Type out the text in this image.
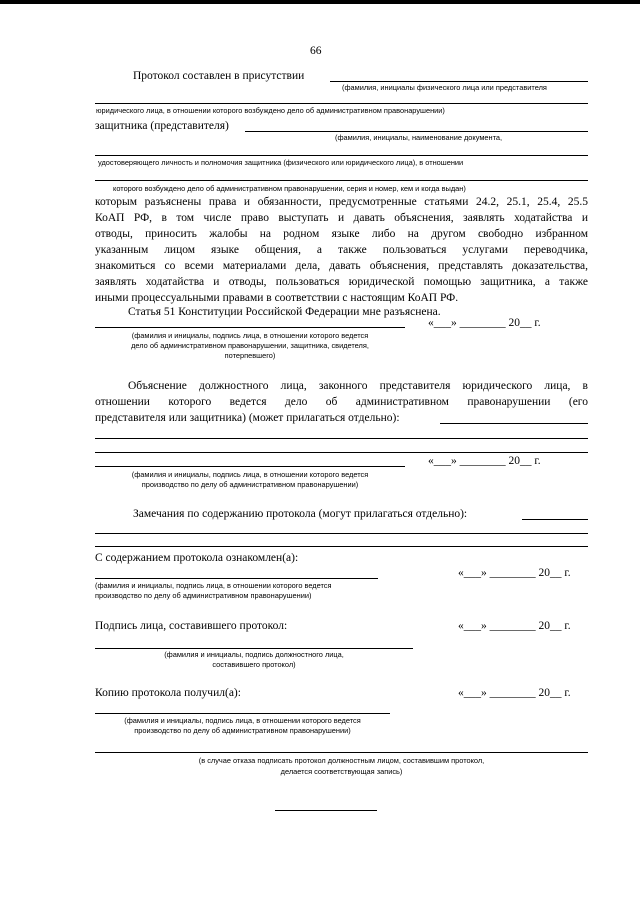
66
Протокол составлен в присутствии
(фамилия, инициалы физического лица или представителя
юридического лица, в отношении которого возбуждено дело об административном правонарушении)
защитника (представителя)
(фамилия, инициалы, наименование документа,
удостоверяющего личность и полномочия защитника (физического или юридического лица), в отношении
которого возбуждено дело об административном правонарушении, серия и номер, кем и когда выдан)
которым разъяснены права и обязанности, предусмотренные статьями 24.2, 25.1, 25.4, 25.5
КоАП РФ, в том числе право выступать и давать объяснения, заявлять ходатайства и
отводы, приносить жалобы на родном языке либо на другом свободно избранном
указанным лицом языке общения, а также пользоваться услугами переводчика,
знакомиться со всеми материалами дела, давать объяснения, представлять доказательства,
заявлять ходатайства и отводы, пользоваться юридической помощью защитника, а также
иными процессуальными правами в соответствии с настоящим КоАП РФ.
Статья 51 Конституции Российской Федерации мне разъяснена.
«___» ________ 20__ г.
(фамилия и инициалы, подпись лица, в отношении которого ведется
дело об административном правонарушении, защитника, свидетеля,
потерпевшего)
Объяснение должностного лица, законного представителя юридического лица, в
отношении которого ведется дело об административном правонарушении (его
представителя или защитника) (может прилагаться отдельно):
«___» ________ 20__ г.
(фамилия и инициалы, подпись лица, в отношении которого ведется
производство по делу об административном правонарушении)
Замечания по содержанию протокола (могут прилагаться отдельно):
С содержанием протокола ознакомлен(а):
«___» ________ 20__ г.
(фамилия и инициалы, подпись лица, в отношении которого ведется
производство по делу об административном правонарушении)
Подпись лица, составившего протокол:	«___» ________ 20__ г.
(фамилия и инициалы, подпись должностного лица,
составившего протокол)
Копию протокола получил(а):	«___» ________ 20__ г.
(фамилия и инициалы, подпись лица, в отношении которого ведется
производство по делу об административном правонарушении)
(в случае отказа подписать протокол должностным лицом, составившим протокол,
делается соответствующая запись)
